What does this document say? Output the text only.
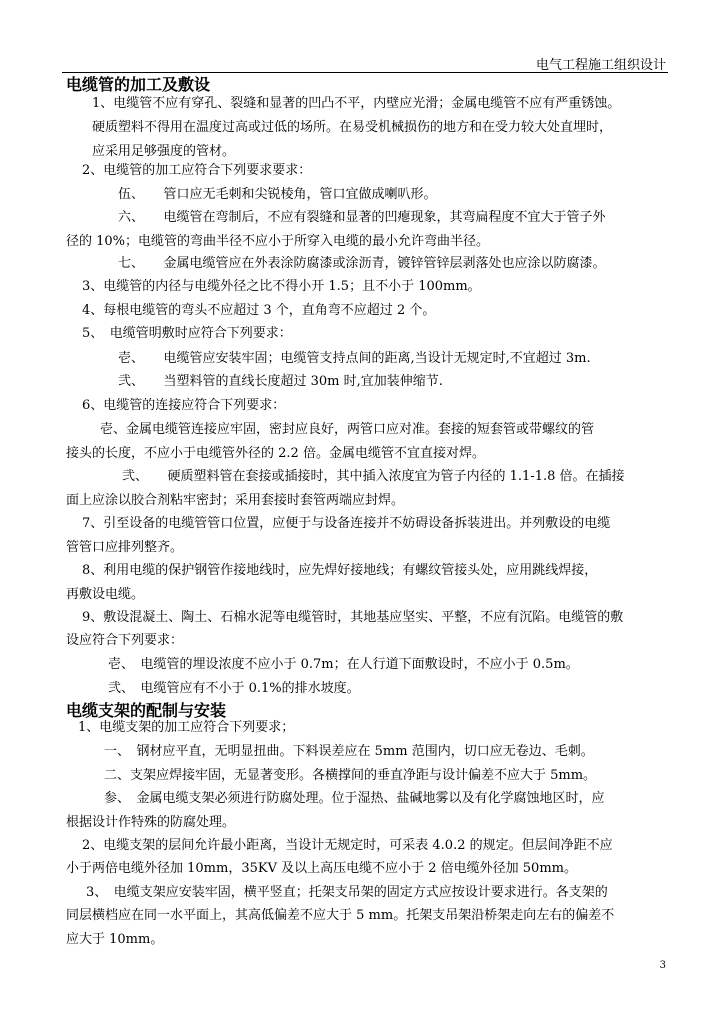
电气工程施工组织设计
电缆管的加工及敷设
1、电缆管不应有穿孔、裂缝和显著的凹凸不平，内壁应光滑；金属电缆管不应有严重锈蚀。
硬质塑料不得用在温度过高或过低的场所。在易受机械损伤的地方和在受力较大处直埋时，
应采用足够强度的管材。
2、电缆管的加工应符合下列要求要求：
伍、　　管口应无毛刺和尖锐棱角，管口宜做成喇叭形。
六、　　电缆管在弯制后，不应有裂缝和显著的凹瘪现象，其弯扁程度不宜大于管子外
径的 10%；电缆管的弯曲半径不应小于所穿入电缆的最小允许弯曲半径。
七、　　金属电缆管应在外表涂防腐漆或涂沥青，镀锌管锌层剥落处也应涂以防腐漆。
3、电缆管的内径与电缆外径之比不得小开 1.5；且不小于 100mm。
4、每根电缆管的弯头不应超过 3 个，直角弯不应超过 2 个。
5、　电缆管明敷时应符合下列要求：
壱、　　电缆管应安装牢固；电缆管支持点间的距离,当设计无规定时,不宜超过 3m.
弐、　　当塑料管的直线长度超过 30m 时,宜加装伸缩节.
6、电缆管的连接应符合下列要求：
壱、金属电缆管连接应牢固，密封应良好，两管口应对准。套接的短套管或带螺纹的管
接头的长度，不应小于电缆管外径的 2.2 倍。金属电缆管不宜直接对焊。
弐、　　硬质塑料管在套接或插接时，其中插入浓度宜为管子内径的 1.1-1.8 倍。在插接
面上应涂以胶合剂粘牢密封；采用套接时套管两端应封焊。
7、引至设备的电缆管管口位置，应便于与设备连接并不妨碍设备拆装进出。并列敷设的电缆
管管口应排列整齐。
8、利用电缆的保护钢管作接地线时，应先焊好接地线；有螺纹管接头处，应用跳线焊接，
再敷设电缆。
9、敷设混凝土、陶土、石棉水泥等电缆管时，其地基应坚实、平整，不应有沉陷。电缆管的敷
设应符合下列要求：
壱、　电缆管的埋设浓度不应小于 0.7m；在人行道下面敷设时，不应小于 0.5m。
弐、　电缆管应有不小于 0.1%的排水坡度。
电缆支架的配制与安装
1、电缆支架的加工应符合下列要求；
一、　钢材应平直，无明显扭曲。下料误差应在 5mm 范围内，切口应无卷边、毛刺。
二、支架应焊接牢固，无显著变形。各横撑间的垂直净距与设计偏差不应大于 5mm。
参、　金属电缆支架必须进行防腐处理。位于湿热、盐碱地雾以及有化学腐蚀地区时，应
根据设计作特殊的防腐处理。
2、电缆支架的层间允许最小距离，当设计无规定时，可采表 4.0.2 的规定。但层间净距不应
小于两倍电缆外径加 10mm，35KV 及以上高压电缆不应小于 2 倍电缆外径加 50mm。
3、　电缆支架应安装牢固，横平竖直；托架支吊架的固定方式应按设计要求进行。各支架的
同层横档应在同一水平面上，其高低偏差不应大于 5 mm。托架支吊架沿桥架走向左右的偏差不
应大于 10mm。
3
